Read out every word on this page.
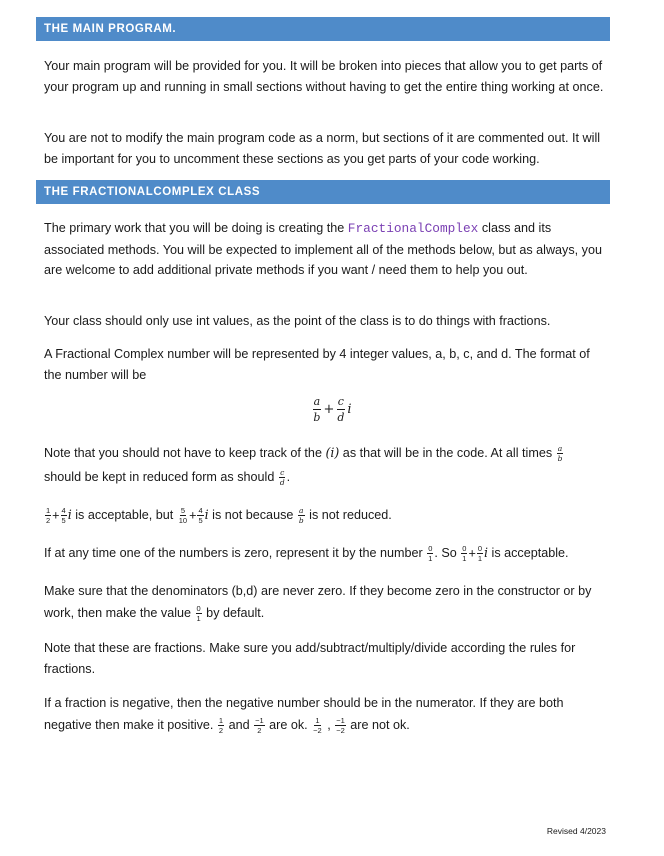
THE MAIN PROGRAM.

Your main program will be provided for you. It will be broken into pieces that allow you to get parts of your program up and running in small sections without having to get the entire thing working at once.

You are not to modify the main program code as a norm, but sections of it are commented out. It will be important for you to uncomment these sections as you get parts of your code working.

THE FRACTIONALCOMPLEX CLASS

The primary work that you will be doing is creating the FractionalComplex class and its associated methods. You will be expected to implement all of the methods below, but as always, you are welcome to add additional private methods if you want / need them to help you out.

Your class should only use int values, as the point of the class is to do things with fractions.

A Fractional Complex number will be represented by 4 integer values, a, b, c, and d. The format of the number will be

$\frac{a}{b} + \frac{c}{d}$ i

Note that you should not have to keep track of the (i) as that will be in the code. At all times $\frac{a}{b}$

should be kept in reduced form as should $\frac{c}{d}$ .

$\frac{1}{2} + \frac{4}{5}$ i is acceptable, but $\frac{5}{10} + \frac{4}{5}$ i is not because $\frac{a}{b}$ is not reduced.

If at any time one of the numbers is zero, represent it by the number $\frac{0}{1}$ . So $\frac{0}{1} + \frac{0}{1}$ i is acceptable.

Make sure that the denominators (b,d) are never zero. If they become zero in the constructor or by work, then make the value $\frac{0}{1}$ by default.

Note that these are fractions. Make sure you add/subtract/multiply/divide according the rules for fractions.

If a fraction is negative, then the negative number should be in the numerator. If they are both negative then make it positive. $\frac{1}{2}$ and $\frac{-1}{2}$ are ok. $\frac{1}{-2}$ , $\frac{-1}{-2}$ are not ok.

Revised 4/2023
